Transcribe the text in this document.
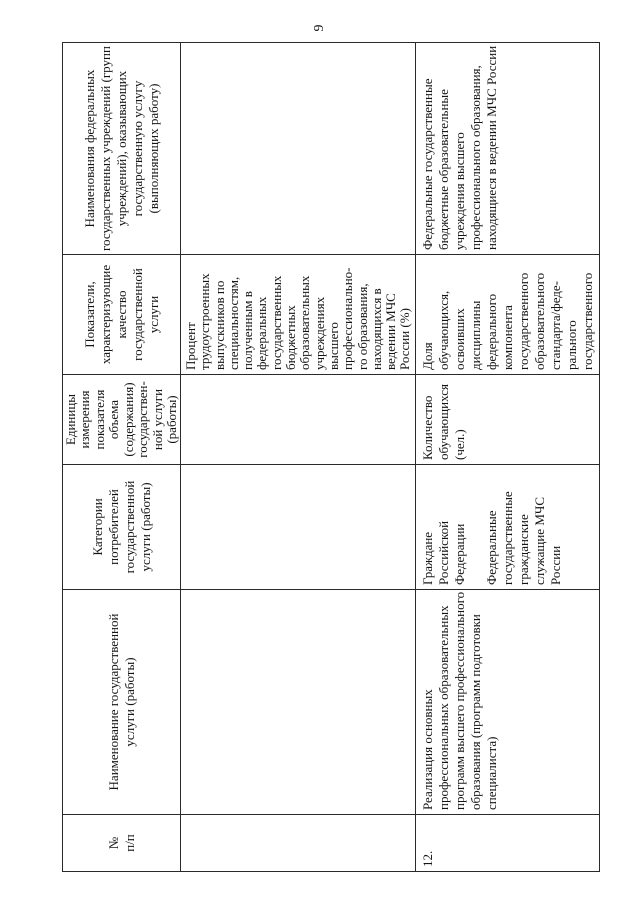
9
№
п/п
Наименование государственной
услуги (работы)
Категории
потребителей
государственной
услуги (работы)
Единицы
измерения
показателя
объема
(содержания)
государствен-
ной услуги
(работы)
Показатели,
характеризующие
качество
государственной
услуги
Наименования федеральных
государственных учреждений (групп
учреждений), оказывающих
государственную услугу
(выполняющих работу)
Процент
трудоустроенных
выпускников по
специальностям,
полученным в
федеральных
государственных
бюджетных
образовательных
учреждениях
высшего
профессионально-
го образования,
находящихся в
ведении МЧС
России (%)
12.
Реализация основных
профессиональных образовательных
программ высшего профессионального
образования (программ подготовки
специалиста)
Граждане
Российской
Федерации

Федеральные
государственные
гражданские
служащие МЧС
России
Количество
обучающихся
(чел.)
Доля
обучающихся,
освоивших
дисциплины
федерального
компонента
государственного
образовательного
стандарта/феде-
рального
государственного
Федеральные государственные
бюджетные образовательные
учреждения высшего
профессионального образования,
находящиеся в ведении МЧС России
